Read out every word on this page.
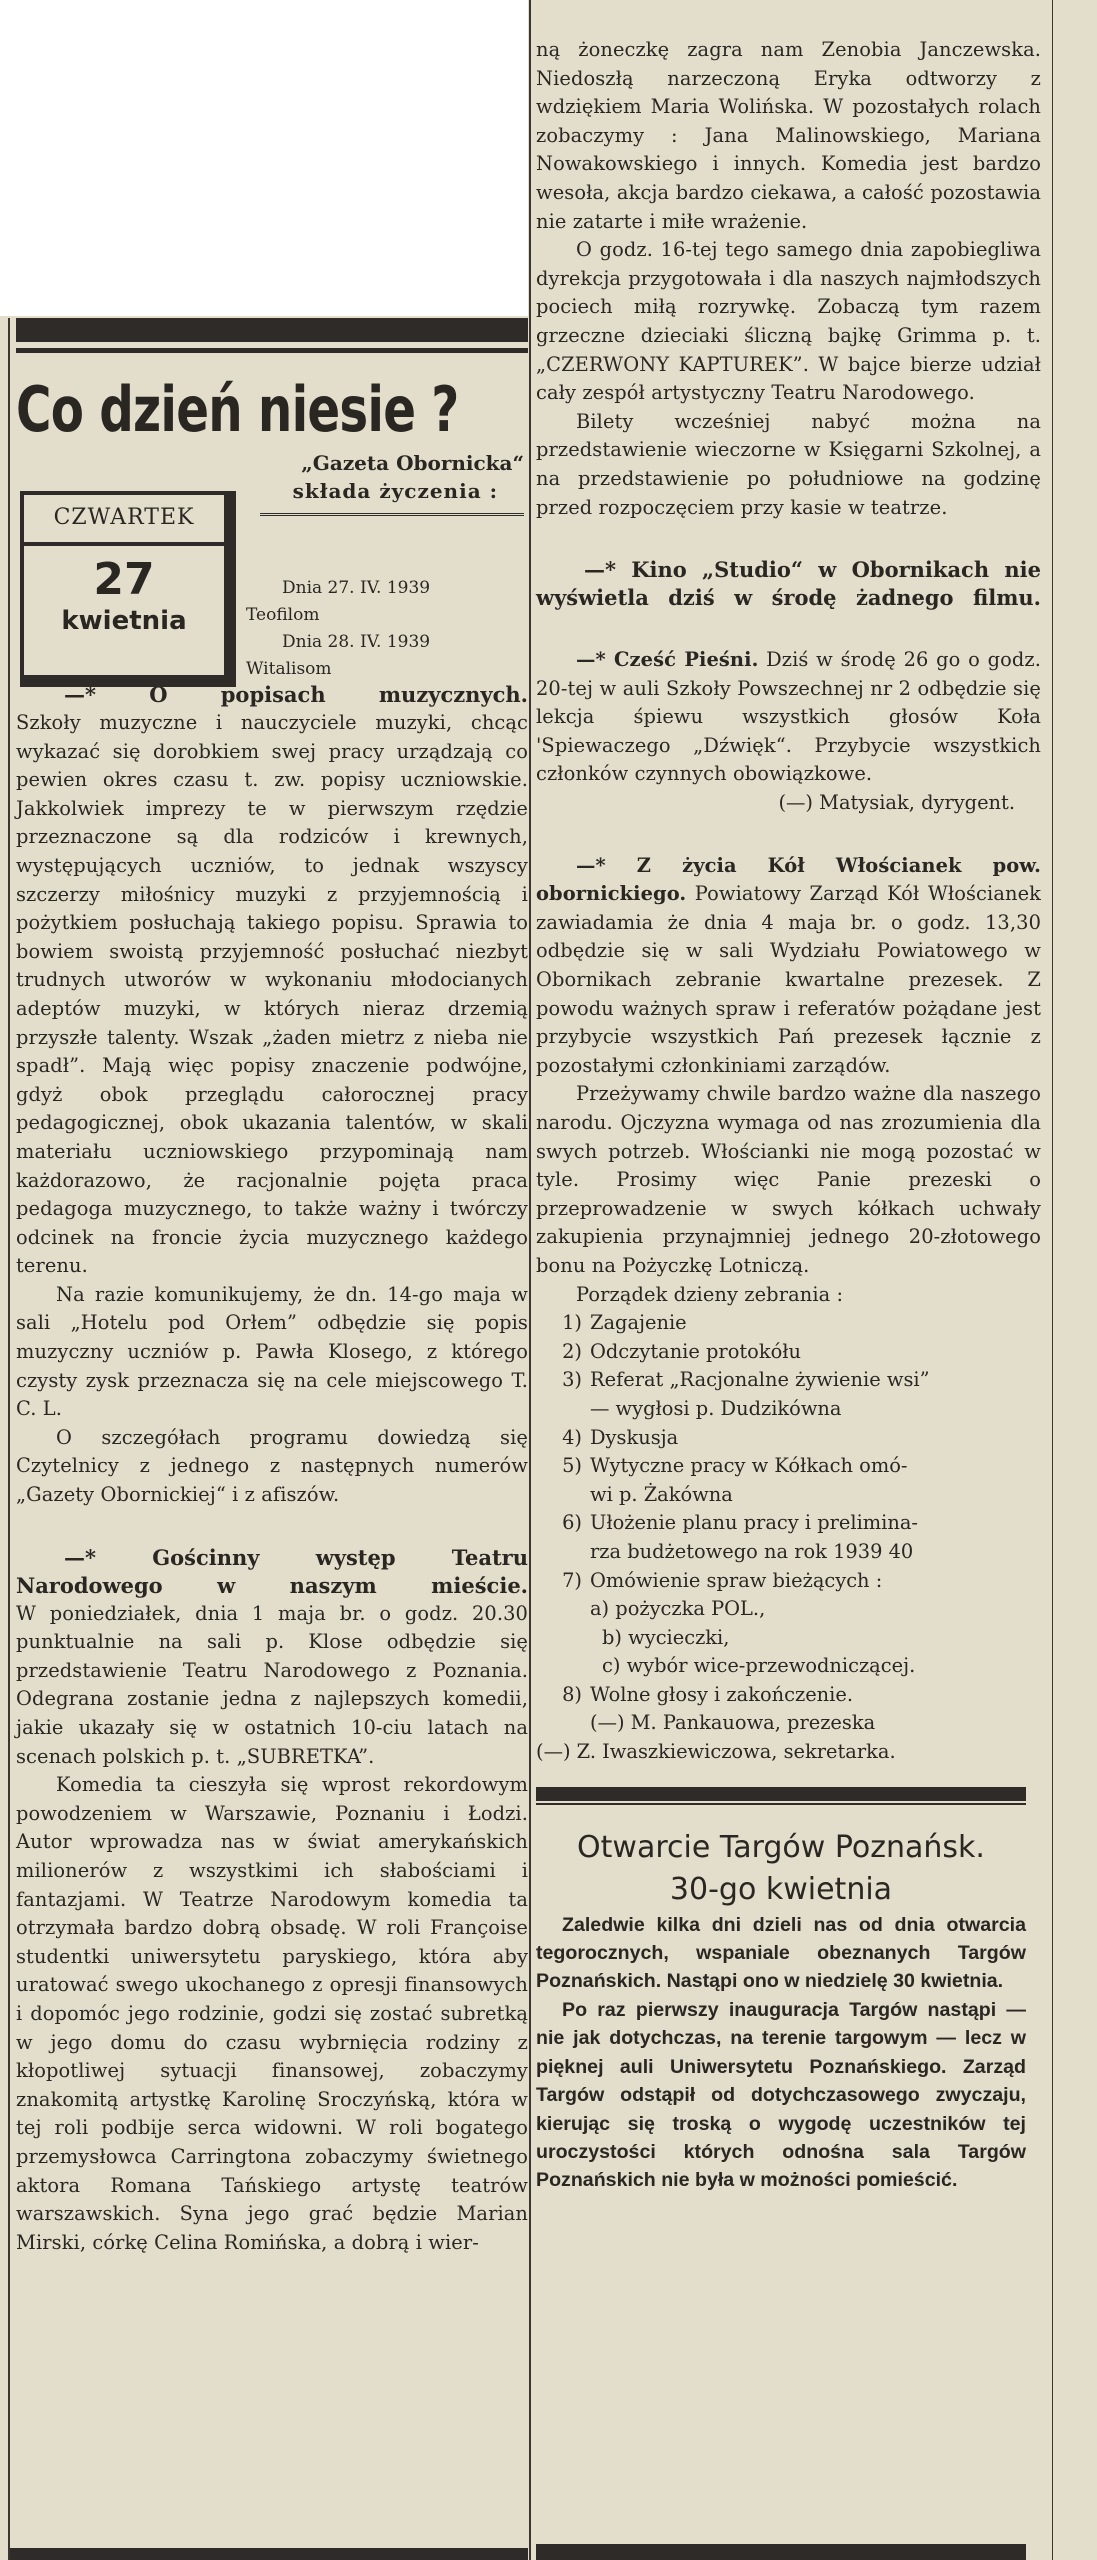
Co dzień niesie ?
„Gazeta Obornicka“
składa życzenia :
CZWARTEK
27
kwietnia
Dnia 27. IV. 1939
Teofilom
Dnia 28. IV. 1939
Witalisom
—* O popisach muzycznych.
Szkoły muzyczne i nauczyciele muzyki, chcąc wykazać się dorobkiem swej pracy urządzają co pewien okres czasu t. zw. popisy uczniowskie. Jakkolwiek imprezy te w pierwszym rzędzie przeznaczone są dla rodziców i krewnych, występujących uczniów, to jednak wszyscy szczerzy miłośnicy muzyki z przyjemnością i pożytkiem posłuchają takiego popisu. Sprawia to bowiem swoistą przyjemność posłuchać niezbyt trudnych utworów w wykonaniu młodocianych adeptów muzyki, w których nieraz drzemią przyszłe talenty. Wszak „żaden mietrz z nieba nie spadł”. Mają więc popisy znaczenie podwójne, gdyż obok przeglądu całorocznej pracy pedagogicznej, obok ukazania talentów, w skali materiału uczniowskiego przypominają nam każdorazowo, że racjonalnie pojęta praca pedagoga muzycznego, to także ważny i twórczy odcinek na froncie życia muzycznego każdego terenu.
Na razie komunikujemy, że dn. 14-go maja w sali „Hotelu pod Orłem” odbędzie się popis muzyczny uczniów p. Pawła Klosego, z którego czysty zysk przeznacza się na cele miejscowego T. C. L.
O szczegółach programu dowiedzą się Czytelnicy z jednego z następnych numerów „Gazety Obornickiej“ i z afiszów.
—* Gościnny występ Teatru Narodowego w naszym mieście.
W poniedziałek, dnia 1 maja br. o godz. 20.30 punktualnie na sali p. Klose odbędzie się przedstawienie Teatru Narodowego z Poznania. Odegrana zostanie jedna z najlepszych komedii, jakie ukazały się w ostatnich 10-ciu latach na scenach polskich p. t. „SUBRETKA”.
Komedia ta cieszyła się wprost rekordowym powodzeniem w Warszawie, Poznaniu i Łodzi. Autor wprowadza nas w świat amerykańskich milionerów z wszystkimi ich słabościami i fantazjami. W Teatrze Narodowym komedia ta otrzymała bardzo dobrą obsadę. W roli Françoise studentki uniwersytetu paryskiego, która aby uratować swego ukochanego z opresji finansowych i dopomóc jego rodzinie, godzi się zostać subretką w jego domu do czasu wybrnięcia rodziny z kłopotliwej sytuacji finansowej, zobaczymy znakomitą artystkę Karolinę Sroczyńską, która w tej roli podbije serca widowni. W roli bogatego przemysłowca Carringtona zobaczymy świetnego aktora Romana Tańskiego artystę teatrów warszawskich. Syna jego grać będzie Marian Mirski, córkę Celina Romińska, a dobrą i wier-
ną żoneczkę zagra nam Zenobia Janczewska. Niedoszłą narzeczoną Eryka odtworzy z wdziękiem Maria Wolińska. W pozostałych rolach zobaczymy : Jana Malinowskiego, Mariana Nowakowskiego i innych. Komedia jest bardzo wesoła, akcja bardzo ciekawa, a całość pozostawia nie zatarte i miłe wrażenie.
O godz. 16-tej tego samego dnia zapobiegliwa dyrekcja przygotowała i dla naszych najmłodszych pociech miłą rozrywkę. Zobaczą tym razem grzeczne dzieciaki śliczną bajkę Grimma p. t. „CZERWONY KAPTUREK”. W bajce bierze udział cały zespół artystyczny Teatru Narodowego.
Bilety wcześniej nabyć można na przedstawienie wieczorne w Księgarni Szkolnej, a na przedstawienie po południowe na godzinę przed rozpoczęciem przy kasie w teatrze.
—* Kino „Studio“ w Obornikach nie wyświetla dziś w środę żadnego filmu.
—* Cześć Pieśni. Dziś w środę 26 go o godz. 20-tej w auli Szkoły Powszechnej nr 2 odbędzie się lekcja śpiewu wszystkich głosów Koła 'Spiewaczego „Dźwięk“. Przybycie wszystkich członków czynnych obowiązkowe.
(—) Matysiak, dyrygent.
—* Z życia Kół Włościanek pow. obornickiego. Powiatowy Zarząd Kół Włościanek zawiadamia że dnia 4 maja br. o godz. 13,30 odbędzie się w sali Wydziału Powiatowego w Obornikach zebranie kwartalne prezesek. Z powodu ważnych spraw i referatów pożądane jest przybycie wszystkich Pań prezesek łącznie z pozostałymi członkiniami zarządów.
Przeżywamy chwile bardzo ważne dla naszego narodu. Ojczyzna wymaga od nas zrozumienia dla swych potrzeb. Włościanki nie mogą pozostać w tyle. Prosimy więc Panie prezeski o przeprowadzenie w swych kółkach uchwały zakupienia przynajmniej jednego 20-złotowego bonu na Pożyczkę Lotniczą.
Porządek dzieny zebrania :
1) Zagajenie
2) Odczytanie protokółu
3) Referat „Racjonalne żywienie wsi”
— wygłosi p. Dudzikówna
4) Dyskusja
5) Wytyczne pracy w Kółkach omó-
wi p. Żakówna
6) Ułożenie planu pracy i prelimina-
rza budżetowego na rok 1939 40
7) Omówienie spraw bieżących :
a) pożyczka POL.,
b) wycieczki,
c) wybór wice-przewodniczącej.
8) Wolne głosy i zakończenie.
(—) M. Pankauowa, prezeska
(—) Z. Iwaszkiewiczowa, sekretarka.
Otwarcie Targów Poznańsk.
30-go kwietnia
Zaledwie kilka dni dzieli nas od dnia otwarcia tegorocznych, wspaniale obeznanych Targów Poznańskich. Nastąpi ono w niedzielę 30 kwietnia.
Po raz pierwszy inauguracja Targów nastąpi — nie jak dotychczas, na terenie targowym — lecz w pięknej auli Uniwersytetu Poznańskiego. Zarząd Targów odstąpił od dotychczasowego zwyczaju, kierując się troską o wygodę uczestników tej uroczystości których odnośna sala Targów Poznańskich nie była w możności pomieścić.
